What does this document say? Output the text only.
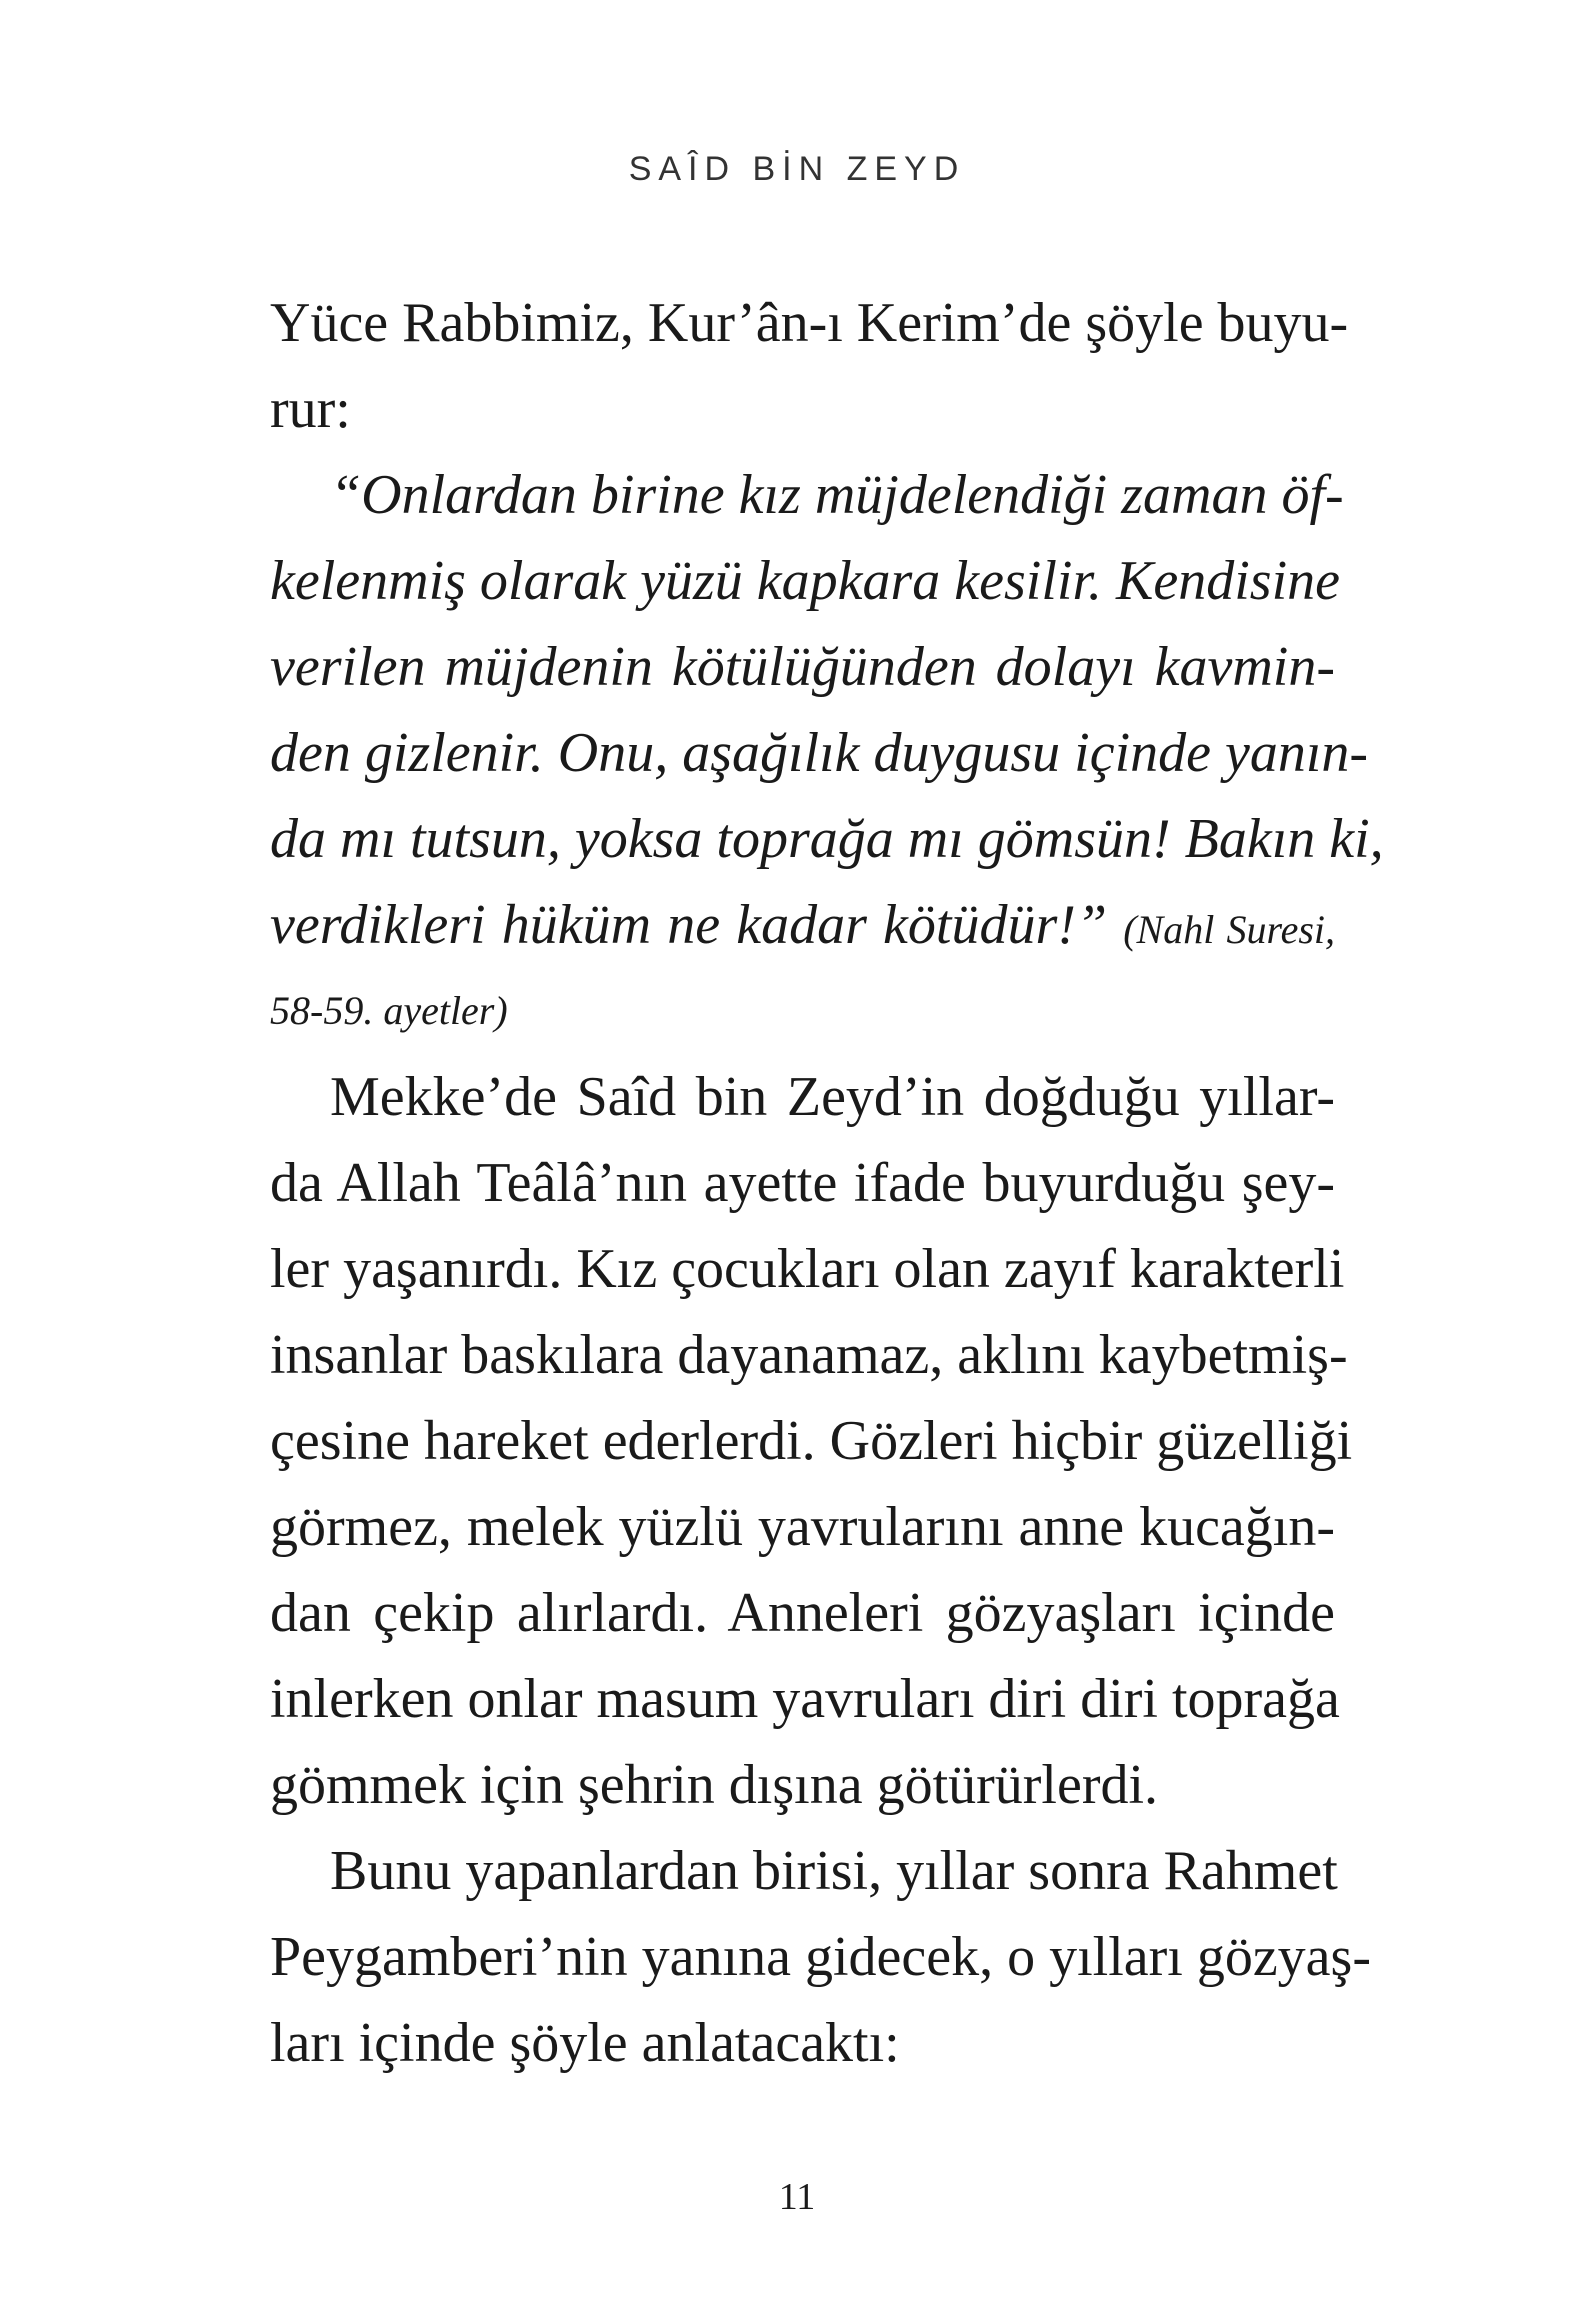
SAÎD BİN ZEYD
Yüce Rabbimiz, Kur’ân-ı Kerim’de şöyle buyu-
rur:
“Onlardan birine kız müjdelendiği zaman öf-
kelenmiş olarak yüzü kapkara kesilir. Kendisine
verilen müjdenin kötülüğünden dolayı kavmin-
den gizlenir. Onu, aşağılık duygusu içinde yanın-
da mı tutsun, yoksa toprağa mı gömsün! Bakın ki,
verdikleri hüküm ne kadar kötüdür!” (Nahl Suresi,
58-59. ayetler)
Mekke’de Saîd bin Zeyd’in doğduğu yıllar-
da Allah Teâlâ’nın ayette ifade buyurduğu şey-
ler yaşanırdı. Kız çocukları olan zayıf karakterli
insanlar baskılara dayanamaz, aklını kaybetmiş-
çesine hareket ederlerdi. Gözleri hiçbir güzelliği
görmez, melek yüzlü yavrularını anne kucağın-
dan çekip alırlardı. Anneleri gözyaşları içinde
inlerken onlar masum yavruları diri diri toprağa
gömmek için şehrin dışına götürürlerdi.
Bunu yapanlardan birisi, yıllar sonra Rahmet
Peygamberi’nin yanına gidecek, o yılları gözyaş-
ları içinde şöyle anlatacaktı:
11
